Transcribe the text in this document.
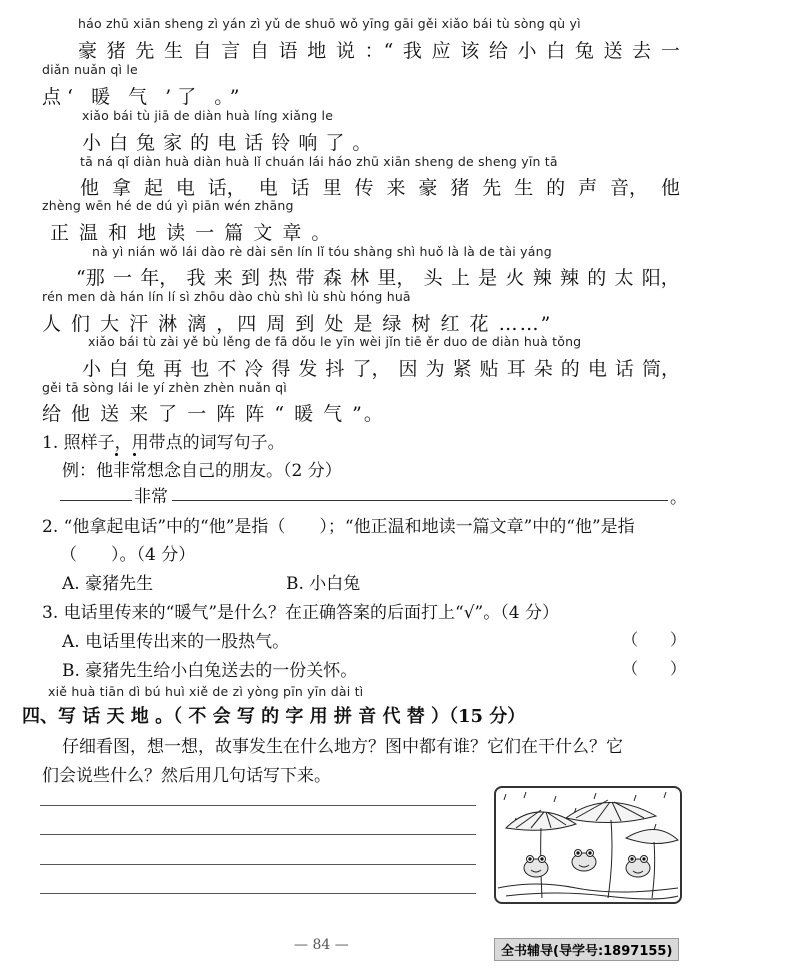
háo zhū xiān sheng zì yán zì yǔ de shuō wǒ yīng gāi gěi xiǎo bái tù sòng qù yì
豪 猪 先 生 自 言 自 语 地 说 ：“ 我 应 该 给 小 白 兔 送 去 一
diǎn nuǎn qì le
点‘ 暖 气 ’了 。”
xiǎo bái tù jiā de diàn huà líng xiǎng le
小 白 兔 家 的 电 话 铃 响 了 。
tā ná qǐ diàn huà diàn huà lǐ chuán lái háo zhū xiān sheng de sheng yīn tā
他 拿 起 电 话， 电 话 里 传 来 豪 猪 先 生 的 声 音， 他
zhèng wēn hé de dú yì piān wén zhāng
正 温 和 地 读 一 篇 文 章 。
nà yì nián wǒ lái dào rè dài sēn lín lǐ tóu shàng shì huǒ là là de tài yáng
“那 一 年， 我 来 到 热 带 森 林 里， 头 上 是 火 辣 辣 的 太 阳，
rén men dà hán lín lí sì zhōu dào chù shì lù shù hóng huā
人 们 大 汗 淋 漓 ，四 周 到 处 是 绿 树 红 花 ……”
xiǎo bái tù zài yě bù lěng de fā dǒu le yīn wèi jǐn tiē ěr duo de diàn huà tǒng
小 白 兔 再 也 不 冷 得 发 抖 了， 因 为 紧 贴 耳 朵 的 电 话 筒，
gěi tā sòng lái le yí zhèn zhèn nuǎn qì
给 他 送 来 了 一 阵 阵 “ 暖 气 ”。
1. 照样子，用带点的词写句子。
例：他非常想念自己的朋友。（2 分）
非常	。
2. “他拿起电话”中的“他”是指（　　）；“他正温和地读一篇文章”中的“他”是指
（　　）。（4 分）
A. 豪猪先生	B. 小白兔
3. 电话里传来的“暖气”是什么？在正确答案的后面打上“√”。（4 分）
A. 电话里传出来的一股热气。	（　　）
B. 豪猪先生给小白兔送去的一份关怀。	（　　）
xiě huà tiān dì bú huì xiě de zì yòng pīn yīn dài tì
四、写 话 天 地 。（ 不 会 写 的 字 用 拼 音 代 替 ）（15 分）
仔细看图，想一想，故事发生在什么地方？图中都有谁？它们在干什么？它
们会说些什么？然后用几句话写下来。
— 84 —	全书辅导(导学号:1897155)
